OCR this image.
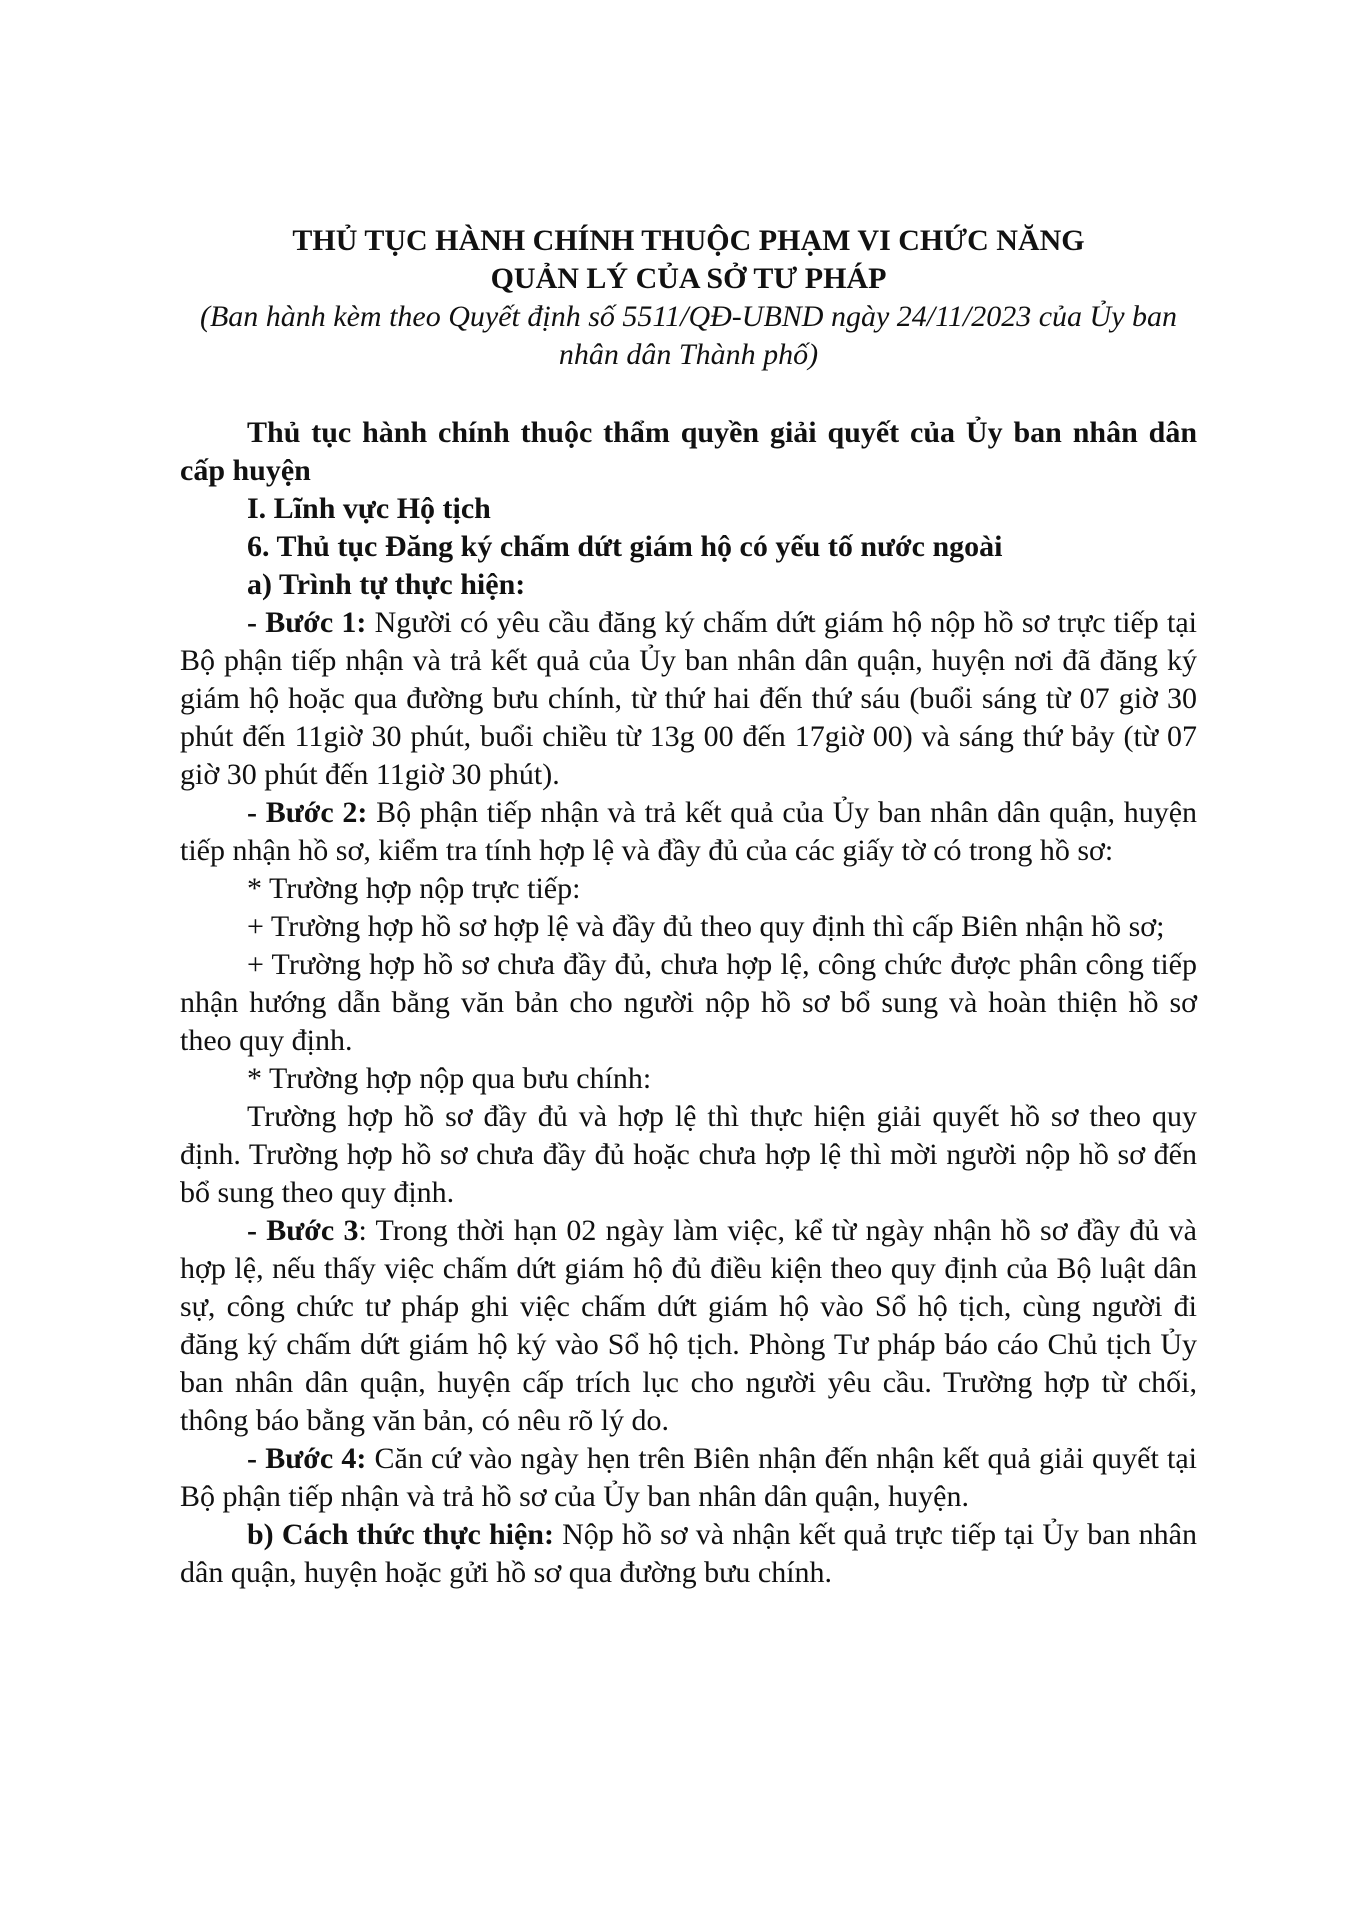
THỦ TỤC HÀNH CHÍNH THUỘC PHẠM VI CHỨC NĂNG
QUẢN LÝ CỦA SỞ TƯ PHÁP
(Ban hành kèm theo Quyết định số 5511/QĐ-UBND ngày 24/11/2023 của Ủy ban nhân dân Thành phố)
Thủ tục hành chính thuộc thẩm quyền giải quyết của Ủy ban nhân dân cấp huyện
I. Lĩnh vực Hộ tịch
6. Thủ tục Đăng ký chấm dứt giám hộ có yếu tố nước ngoài
a) Trình tự thực hiện:

- Bước 1: Người có yêu cầu đăng ký chấm dứt giám hộ nộp hồ sơ trực tiếp tại Bộ phận tiếp nhận và trả kết quả của Ủy ban nhân dân quận, huyện nơi đã đăng ký giám hộ hoặc qua đường bưu chính, từ thứ hai đến thứ sáu (buổi sáng từ 07 giờ 30 phút đến 11giờ 30 phút, buổi chiều từ 13g 00 đến 17giờ 00) và sáng thứ bảy (từ 07 giờ 30 phút đến 11giờ 30 phút).

- Bước 2: Bộ phận tiếp nhận và trả kết quả của Ủy ban nhân dân quận, huyện tiếp nhận hồ sơ, kiểm tra tính hợp lệ và đầy đủ của các giấy tờ có trong hồ sơ:

* Trường hợp nộp trực tiếp:

+ Trường hợp hồ sơ hợp lệ và đầy đủ theo quy định thì cấp Biên nhận hồ sơ;

+ Trường hợp hồ sơ chưa đầy đủ, chưa hợp lệ, công chức được phân công tiếp nhận hướng dẫn bằng văn bản cho người nộp hồ sơ bổ sung và hoàn thiện hồ sơ theo quy định.

* Trường hợp nộp qua bưu chính:

Trường hợp hồ sơ đầy đủ và hợp lệ thì thực hiện giải quyết hồ sơ theo quy định. Trường hợp hồ sơ chưa đầy đủ hoặc chưa hợp lệ thì mời người nộp hồ sơ đến bổ sung theo quy định.

- Bước 3: Trong thời hạn 02 ngày làm việc, kể từ ngày nhận hồ sơ đầy đủ và hợp lệ, nếu thấy việc chấm dứt giám hộ đủ điều kiện theo quy định của Bộ luật dân sự, công chức tư pháp ghi việc chấm dứt giám hộ vào Sổ hộ tịch, cùng người đi đăng ký chấm dứt giám hộ ký vào Sổ hộ tịch. Phòng Tư pháp báo cáo Chủ tịch Ủy ban nhân dân quận, huyện cấp trích lục cho người yêu cầu. Trường hợp từ chối, thông báo bằng văn bản, có nêu rõ lý do.

- Bước 4: Căn cứ vào ngày hẹn trên Biên nhận đến nhận kết quả giải quyết tại Bộ phận tiếp nhận và trả hồ sơ của Ủy ban nhân dân quận, huyện.

b) Cách thức thực hiện: Nộp hồ sơ và nhận kết quả trực tiếp tại Ủy ban nhân dân quận, huyện hoặc gửi hồ sơ qua đường bưu chính.
